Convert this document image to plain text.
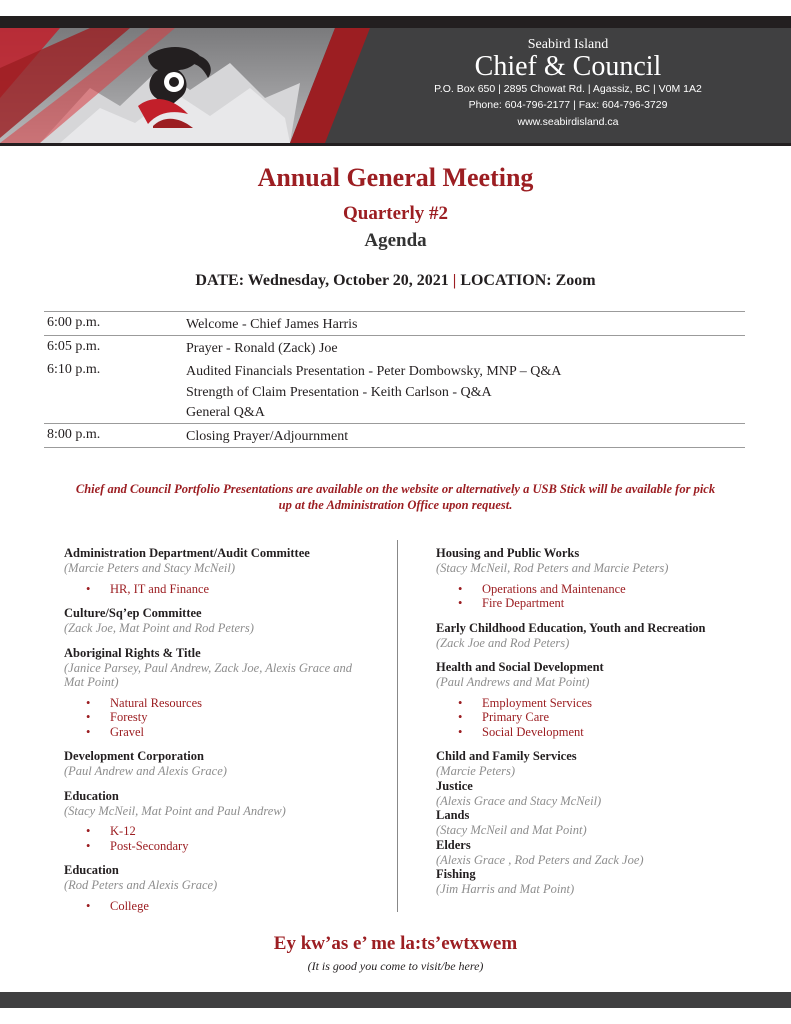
Seabird Island
Chief & Council
P.O. Box 650 | 2895 Chowat Rd. | Agassiz, BC | V0M 1A2
Phone: 604-796-2177 | Fax: 604-796-3729
www.seabirdisland.ca
Annual General Meeting
Quarterly #2
Agenda
DATE: Wednesday, October 20, 2021 | LOCATION: Zoom
6:00 p.m.	Welcome - Chief James Harris
6:05 p.m.	Prayer - Ronald (Zack) Joe
6:10 p.m.	Audited Financials Presentation - Peter Dombowsky, MNP – Q&A
Strength of Claim Presentation - Keith Carlson - Q&A
General Q&A
8:00 p.m.	Closing Prayer/Adjournment
Chief and Council Portfolio Presentations are available on the website or alternatively a USB Stick will be available for pick up at the Administration Office upon request.
Administration Department/Audit Committee
(Marcie Peters and Stacy McNeil)
• HR, IT and Finance
Culture/Sq’ep Committee
(Zack Joe, Mat Point and Rod Peters)
Aboriginal Rights & Title
(Janice Parsey, Paul Andrew, Zack Joe, Alexis Grace and Mat Point)
• Natural Resources
• Foresty
• Gravel
Development Corporation
(Paul Andrew and Alexis Grace)
Education
(Stacy McNeil, Mat Point and Paul Andrew)
• K-12
• Post-Secondary
Education
(Rod Peters and Alexis Grace)
• College
Housing and Public Works
(Stacy McNeil, Rod Peters and Marcie Peters)
• Operations and Maintenance
• Fire Department
Early Childhood Education, Youth and Recreation
(Zack Joe and Rod Peters)
Health and Social Development
(Paul Andrews and Mat Point)
• Employment Services
• Primary Care
• Social Development
Child and Family Services
(Marcie Peters)
Justice
(Alexis Grace and Stacy McNeil)
Lands
(Stacy McNeil and Mat Point)
Elders
(Alexis Grace , Rod Peters and Zack Joe)
Fishing
(Jim Harris and Mat Point)
Ey kw’as e’ me la:ts’ewtxwem
(It is good you come to visit/be here)
